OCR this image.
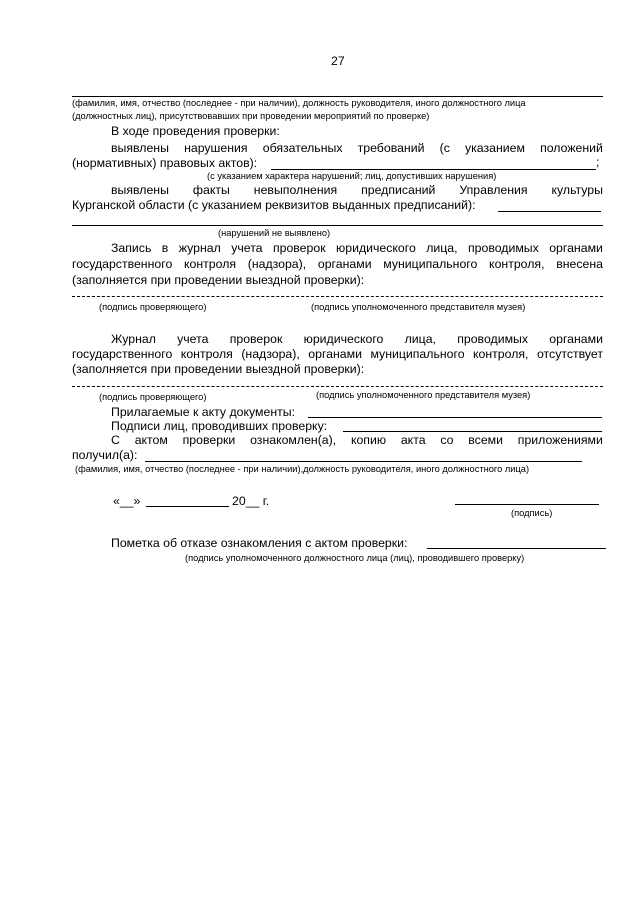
27
(фамилия, имя, отчество (последнее - при наличии), должность руководителя, иного должностного лица
(должностных лиц), присутствовавших при проведении мероприятий по проверке)
В ходе проведения проверки:
выявлены нарушения обязательных требований (с указанием положений
(нормативных) правовых актов):	;
(с указанием характера нарушений; лиц, допустивших нарушения)
выявлены факты невыполнения предписаний Управления культуры
Курганской области (с указанием реквизитов выданных предписаний):
(нарушений не выявлено)
Запись в журнал учета проверок юридического лица, проводимых органами
государственного контроля (надзора), органами муниципального контроля, внесена
(заполняется при проведении выездной проверки):
(подпись проверяющего)	(подпись уполномоченного представителя музея)
Журнал учета проверок юридического лица, проводимых органами
государственного контроля (надзора), органами муниципального контроля, отсутствует
(заполняется при проведении выездной проверки):
(подпись проверяющего)	(подпись уполномоченного представителя музея)
Прилагаемые к акту документы:
Подписи лиц, проводивших проверку:
С актом проверки ознакомлен(а), копию акта со всеми приложениями
получил(а):
(фамилия, имя, отчество (последнее - при наличии),должность руководителя, иного должностного лица)
«__»	20__ г.
(подпись)
Пометка об отказе ознакомления с актом проверки:
(подпись уполномоченного должностного лица (лиц), проводившего проверку)
